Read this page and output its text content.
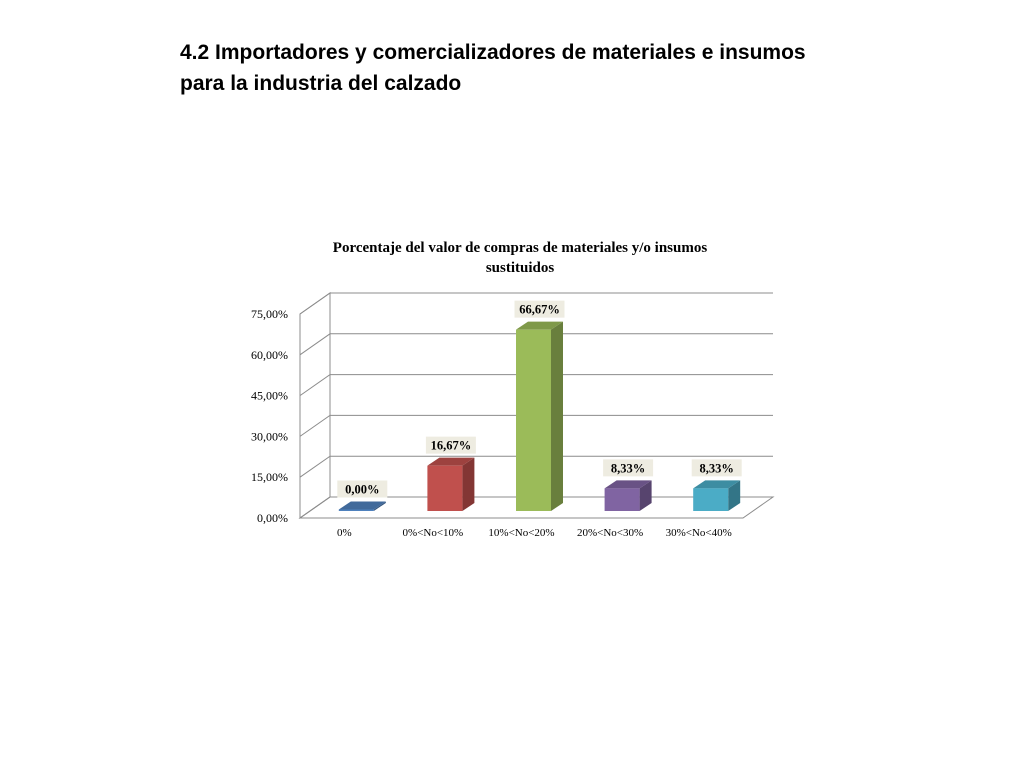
4.2 Importadores y comercializadores de materiales e insumos
para la industria del calzado
Porcentaje del valor de compras de materiales y/o insumos
sustituidos
0,00%
15,00%
30,00%
45,00%
60,00%
75,00%
0,00%
16,67%
66,67%
8,33%	8,33%
0%	0%<No<10% 10%<No<20% 20%<No<30% 30%<No<40%
